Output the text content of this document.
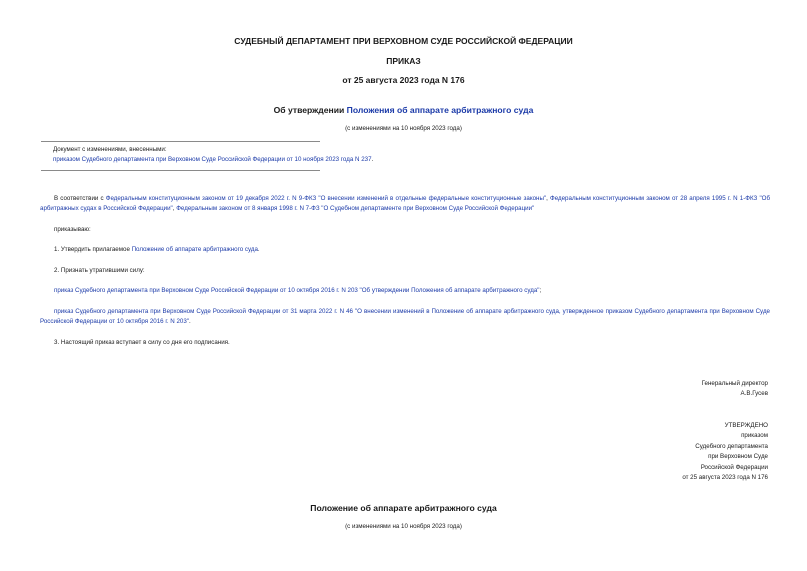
СУДЕБНЫЙ ДЕПАРТАМЕНТ ПРИ ВЕРХОВНОМ СУДЕ РОССИЙСКОЙ ФЕДЕРАЦИИ
ПРИКАЗ
от 25 августа 2023 года N 176
Об утверждении Положения об аппарате арбитражного суда
(с изменениями на 10 ноября 2023 года)
Документ с изменениями, внесенными:
приказом Судебного департамента при Верховном Суде Российской Федерации от 10 ноября 2023 года N 237.
В соответствии с Федеральным конституционным законом от 19 декабря 2022 г. N 9-ФКЗ "О внесении изменений в отдельные федеральные конституционные законы", Федеральным конституционным законом от 28 апреля 1995 г. N 1-ФКЗ "Об арбитражных судах в Российской Федерации", Федеральным законом от 8 января 1998 г. N 7-ФЗ "О Судебном департаменте при Верховном Суде Российской Федерации"
приказываю:
1. Утвердить прилагаемое Положение об аппарате арбитражного суда.
2. Признать утратившими силу:
приказ Судебного департамента при Верховном Суде Российской Федерации от 10 октября 2016 г. N 203 "Об утверждении Положения об аппарате арбитражного суда";
приказ Судебного департамента при Верховном Суде Российской Федерации от 31 марта 2022 г. N 46 "О внесении изменений в Положение об аппарате арбитражного суда, утвержденное приказом Судебного департамента при Верховном Суде Российской Федерации от 10 октября 2016 г. N 203".
3. Настоящий приказ вступает в силу со дня его подписания.
Генеральный директор
А.В.Гусев
УТВЕРЖДЕНО
приказом
Судебного департамента
при Верховном Суде
Российской Федерации
от 25 августа 2023 года N 176
Положение об аппарате арбитражного суда
(с изменениями на 10 ноября 2023 года)
